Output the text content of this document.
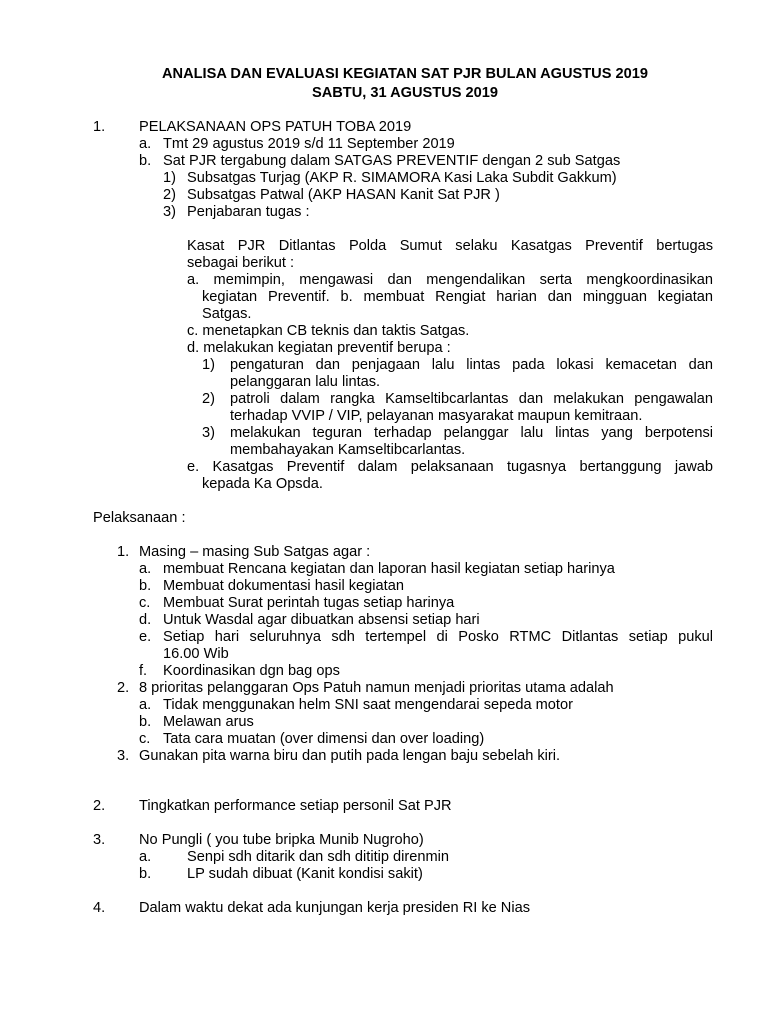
ANALISA DAN EVALUASI KEGIATAN SAT PJR BULAN AGUSTUS 2019
SABTU, 31 AGUSTUS 2019
1. PELAKSANAAN OPS PATUH TOBA 2019
a. Tmt 29 agustus 2019 s/d 11 September 2019
b. Sat PJR tergabung dalam SATGAS PREVENTIF dengan 2 sub Satgas
1) Subsatgas Turjag (AKP R. SIMAMORA Kasi Laka Subdit Gakkum)
2) Subsatgas Patwal (AKP HASAN Kanit Sat PJR )
3) Penjabaran tugas :
Kasat PJR Ditlantas Polda Sumut selaku Kasatgas Preventif bertugas
sebagai berikut :
a. memimpin, mengawasi dan mengendalikan serta mengkoordinasikan
kegiatan Preventif. b. membuat Rengiat harian dan mingguan kegiatan
Satgas.
c. menetapkan CB teknis dan taktis Satgas.
d. melakukan kegiatan preventif berupa :
1) pengaturan dan penjagaan lalu lintas pada lokasi kemacetan dan
pelanggaran lalu lintas.
2) patroli dalam rangka Kamseltibcarlantas dan melakukan pengawalan
terhadap VVIP / VIP, pelayanan masyarakat maupun kemitraan.
3) melakukan teguran terhadap pelanggar lalu lintas yang berpotensi
membahayakan Kamseltibcarlantas.
e. Kasatgas Preventif dalam pelaksanaan tugasnya bertanggung jawab
kepada Ka Opsda.
Pelaksanaan :
1. Masing – masing Sub Satgas agar :
a. membuat Rencana kegiatan dan laporan hasil kegiatan setiap harinya
b. Membuat dokumentasi hasil kegiatan
c. Membuat Surat perintah tugas setiap harinya
d. Untuk Wasdal agar dibuatkan absensi setiap hari
e. Setiap hari seluruhnya sdh tertempel di Posko RTMC Ditlantas setiap pukul
16.00 Wib
f. Koordinasikan dgn bag ops
2. 8 prioritas pelanggaran Ops Patuh namun menjadi prioritas utama adalah
a. Tidak menggunakan helm SNI saat mengendarai sepeda motor
b. Melawan arus
c. Tata cara muatan (over dimensi dan over loading)
3. Gunakan pita warna biru dan putih pada lengan baju sebelah kiri.
2. Tingkatkan performance setiap personil Sat PJR
3. No Pungli ( you tube bripka Munib Nugroho)
a. Senpi sdh ditarik dan sdh dititip direnmin
b. LP sudah dibuat (Kanit kondisi sakit)
4. Dalam waktu dekat ada kunjungan kerja presiden RI ke Nias
